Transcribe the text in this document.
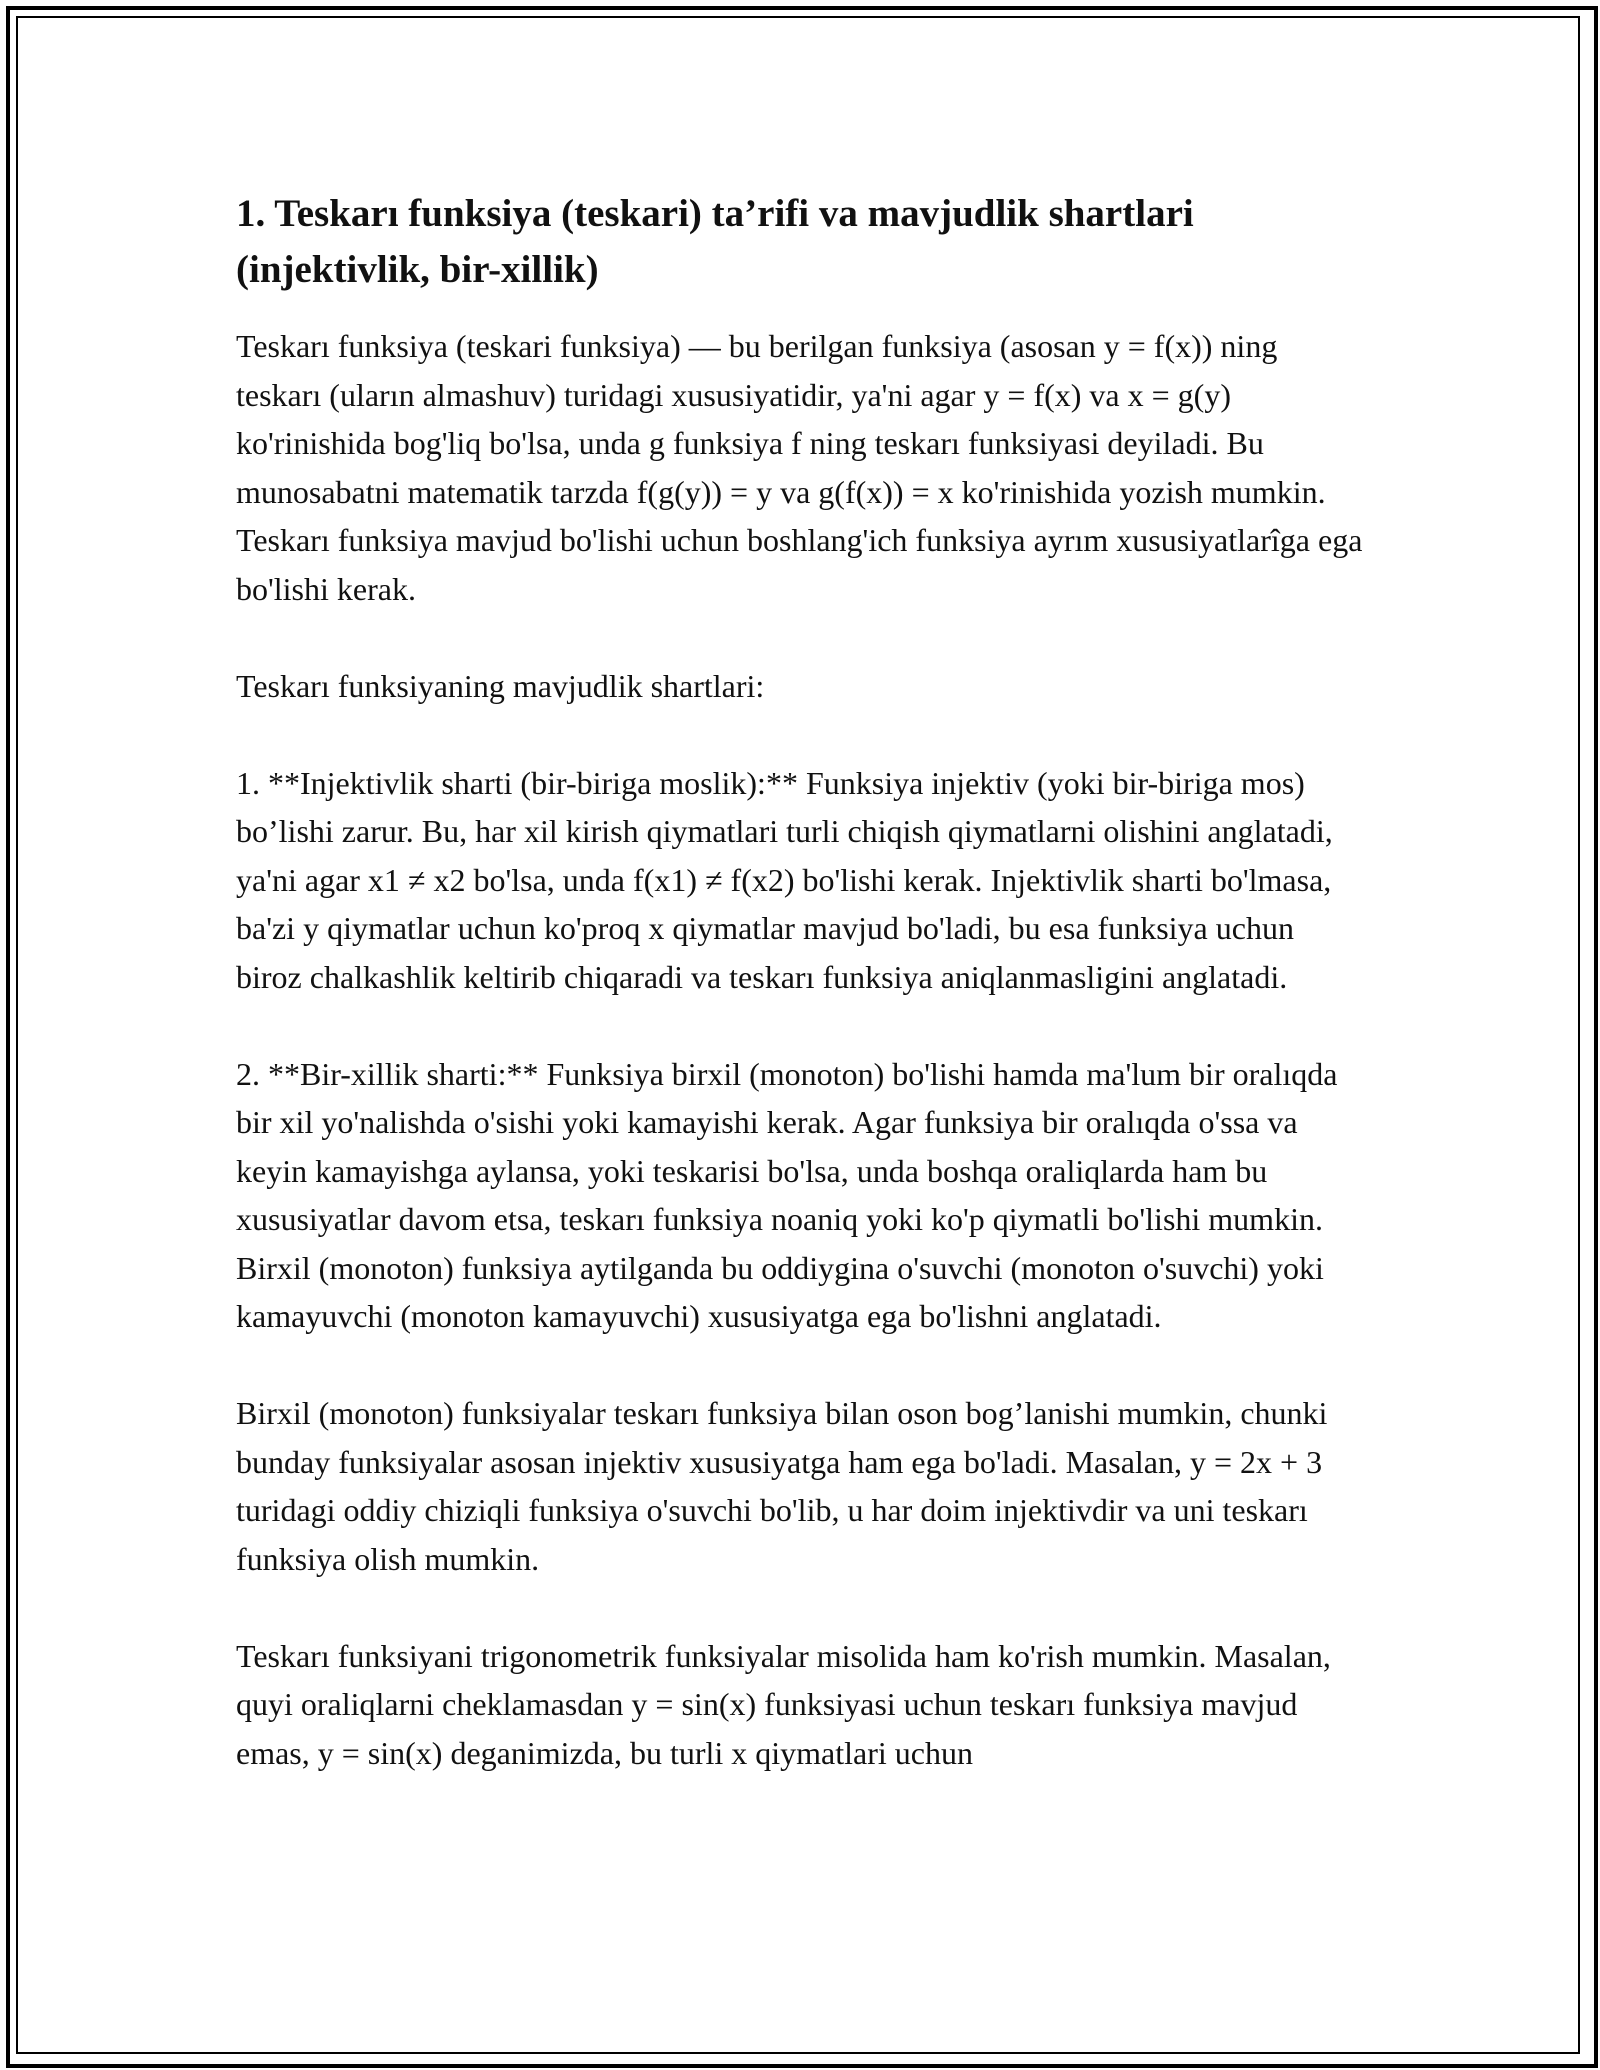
1. Teskarı funksiya (teskari) ta’rifi va mavjudlik shartlari (injektivlik, bir-xillik)

Teskarı funksiya (teskari funksiya) — bu berilgan funksiya (asosan y = f(x)) ning teskarı (uların almashuv) turidagi xususiyatidir, ya'ni agar y = f(x) va x = g(y) ko'rinishida bog'liq bo'lsa, unda g funksiya f ning teskarı funksiyasi deyiladi. Bu munosabatni matematik tarzda f(g(y)) = y va g(f(x)) = x ko'rinishida yozish mumkin. Teskarı funksiya mavjud bo'lishi uchun boshlang'ich funksiya ayrım xususiyatlarîga ega bo'lishi kerak.

Teskarı funksiyaning mavjudlik shartlari:

1. **Injektivlik sharti (bir-biriga moslik):** Funksiya injektiv (yoki bir-biriga mos) bo’lishi zarur. Bu, har xil kirish qiymatlari turli chiqish qiymatlarni olishini anglatadi, ya'ni agar x1 ≠ x2 bo'lsa, unda f(x1) ≠ f(x2) bo'lishi kerak. Injektivlik sharti bo'lmasa, ba'zi y qiymatlar uchun ko'proq x qiymatlar mavjud bo'ladi, bu esa funksiya uchun biroz chalkashlik keltirib chiqaradi va teskarı funksiya aniqlanmasligini anglatadi.

2. **Bir-xillik sharti:** Funksiya birxil (monoton) bo'lishi hamda ma'lum bir oralıqda bir xil yo'nalishda o'sishi yoki kamayishi kerak. Agar funksiya bir oralıqda o'ssa va keyin kamayishga aylansa, yoki teskarisi bo'lsa, unda boshqa oraliqlarda ham bu xususiyatlar davom etsa, teskarı funksiya noaniq yoki ko'p qiymatli bo'lishi mumkin. Birxil (monoton) funksiya aytilganda bu oddiygina o'suvchi (monoton o'suvchi) yoki kamayuvchi (monoton kamayuvchi) xususiyatga ega bo'lishni anglatadi.

Birxil (monoton) funksiyalar teskarı funksiya bilan oson bog’lanishi mumkin, chunki bunday funksiyalar asosan injektiv xususiyatga ham ega bo'ladi. Masalan, y = 2x + 3 turidagi oddiy chiziqli funksiya o'suvchi bo'lib, u har doim injektivdir va uni teskarı funksiya olish mumkin.

Teskarı funksiyani trigonometrik funksiyalar misolida ham ko'rish mumkin. Masalan, quyi oraliqlarni cheklamasdan y = sin(x) funksiyasi uchun teskarı funksiya mavjud emas, y = sin(x) deganimizda, bu turli x qiymatlari uchun
